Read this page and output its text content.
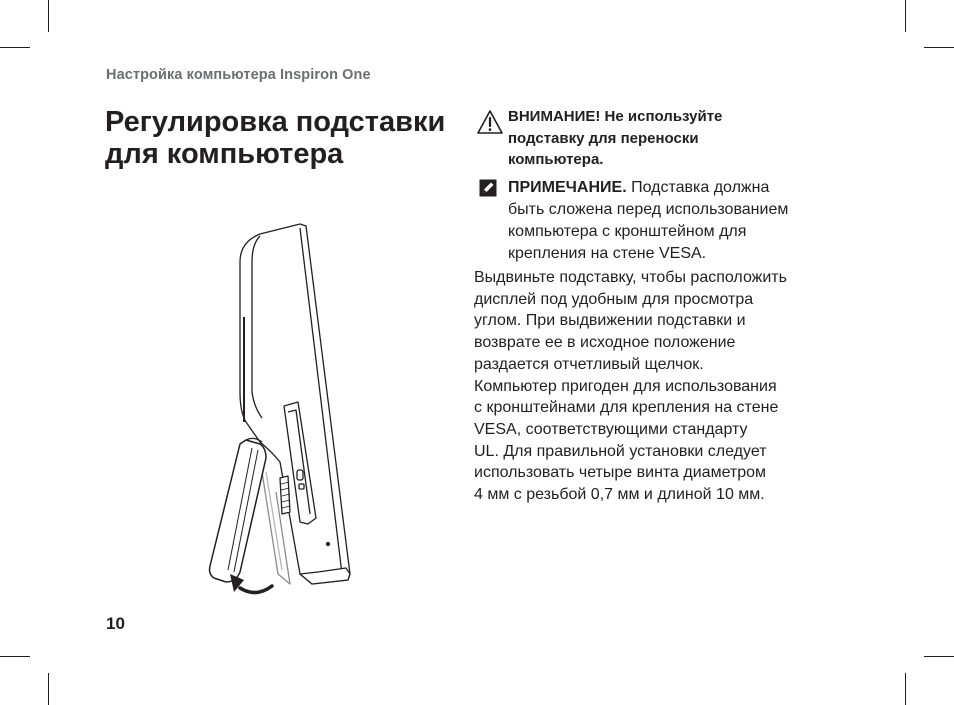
Настройка компьютера Inspiron One
Регулировка подставки
для компьютера
10
ВНИМАНИЕ! Не используйте
подставку для переноски
компьютера.
ПРИМЕЧАНИЕ. Подставка должна
быть сложена перед использованием
компьютера с кронштейном для
крепления на стене VESA.

Выдвиньте подставку, чтобы расположить
дисплей под удобным для просмотра
углом. При выдвижении подставки и
возврате ее в исходное положение
раздается отчетливый щелчок.
Компьютер пригоден для использования
с кронштейнами для крепления на стене
VESA, соответствующими стандарту
UL. Для правильной установки следует
использовать четыре винта диаметром
4 мм с резьбой 0,7 мм и длиной 10 мм.
